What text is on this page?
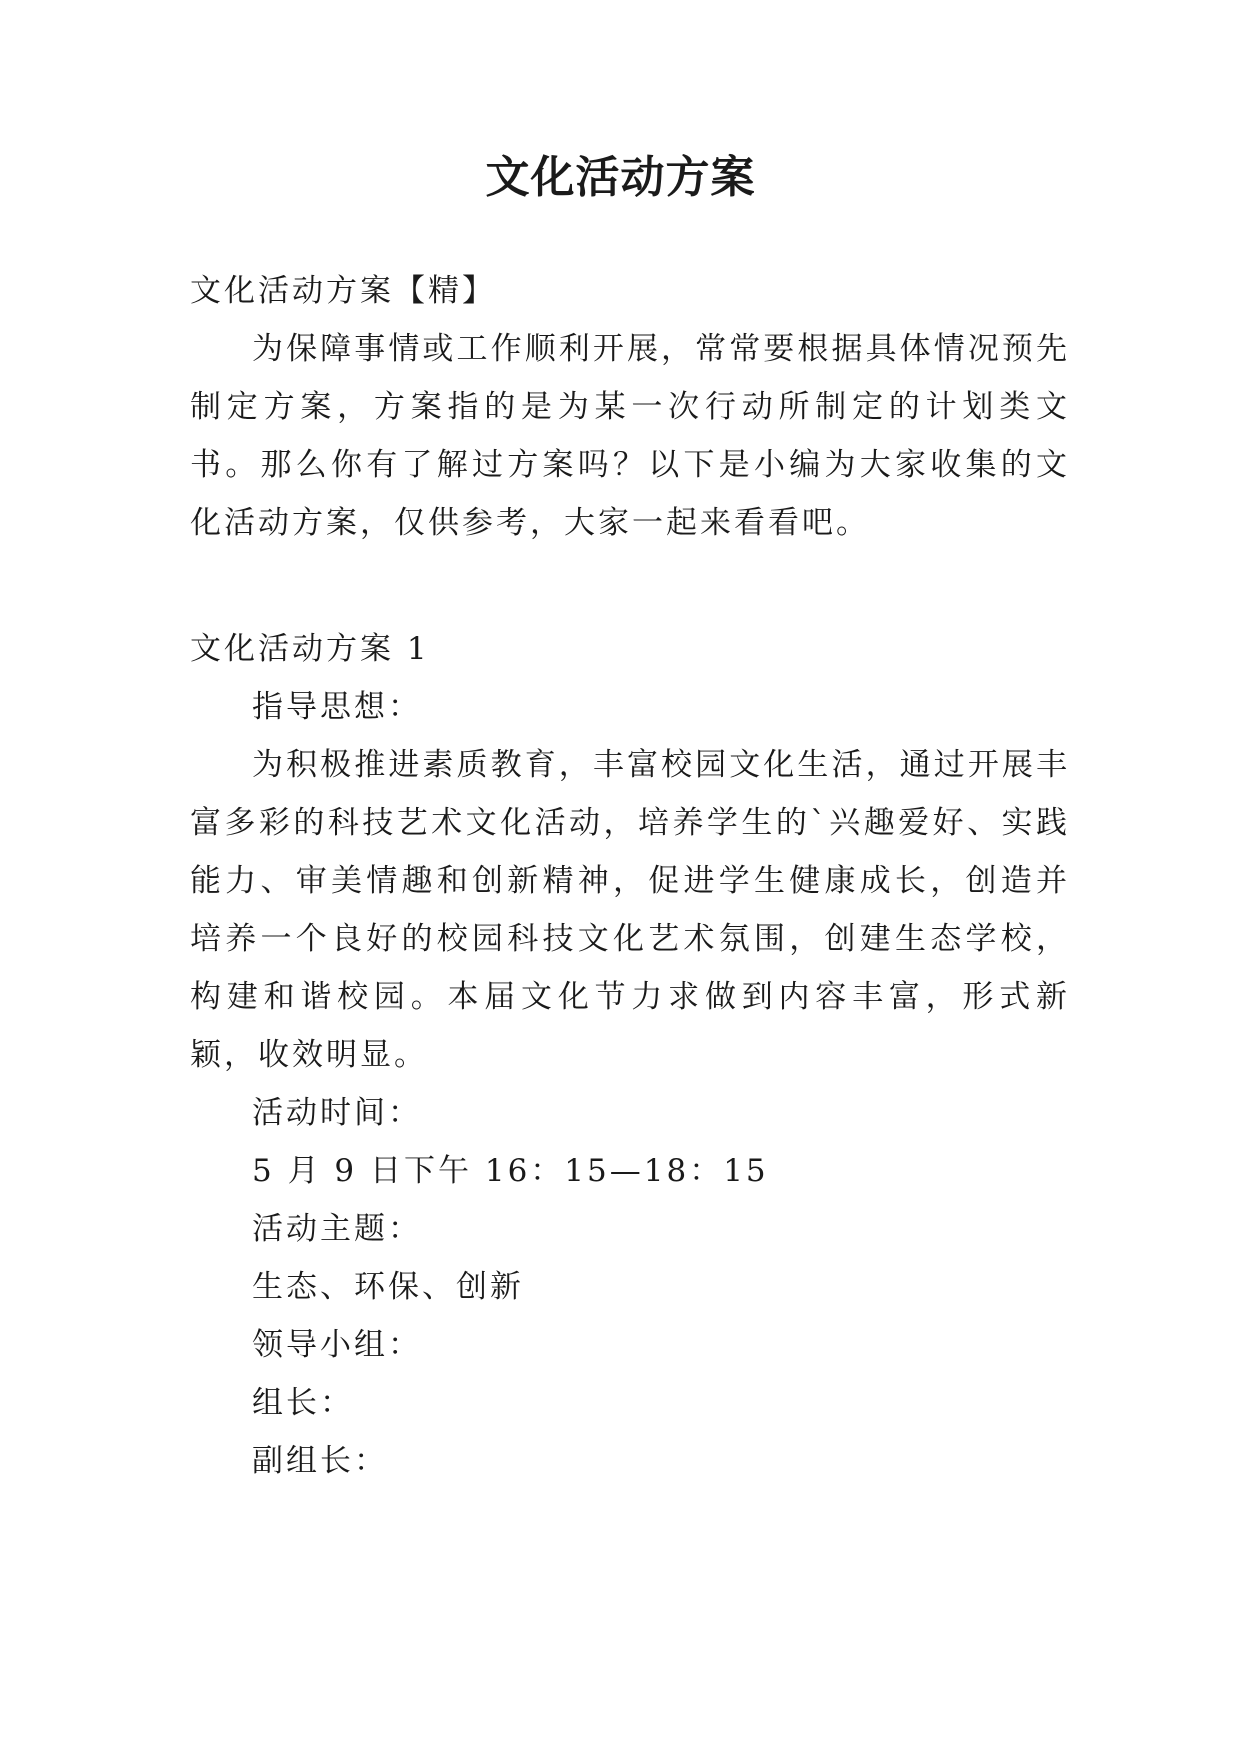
文化活动方案

文化活动方案【精】

为保障事情或工作顺利开展，常常要根据具体情况预先制定方案，方案指的是为某一次行动所制定的计划类文书。那么你有了解过方案吗？以下是小编为大家收集的文化活动方案，仅供参考，大家一起来看看吧。

文化活动方案 1

指导思想：

为积极推进素质教育，丰富校园文化生活，通过开展丰富多彩的科技艺术文化活动，培养学生的`兴趣爱好、实践能力、审美情趣和创新精神，促进学生健康成长，创造并培养一个良好的校园科技文化艺术氛围，创建生态学校，构建和谐校园。本届文化节力求做到内容丰富，形式新颖，收效明显。

活动时间：

5 月 9 日下午 16：15—18：15

活动主题：

生态、环保、创新

领导小组：

组长：

副组长：
